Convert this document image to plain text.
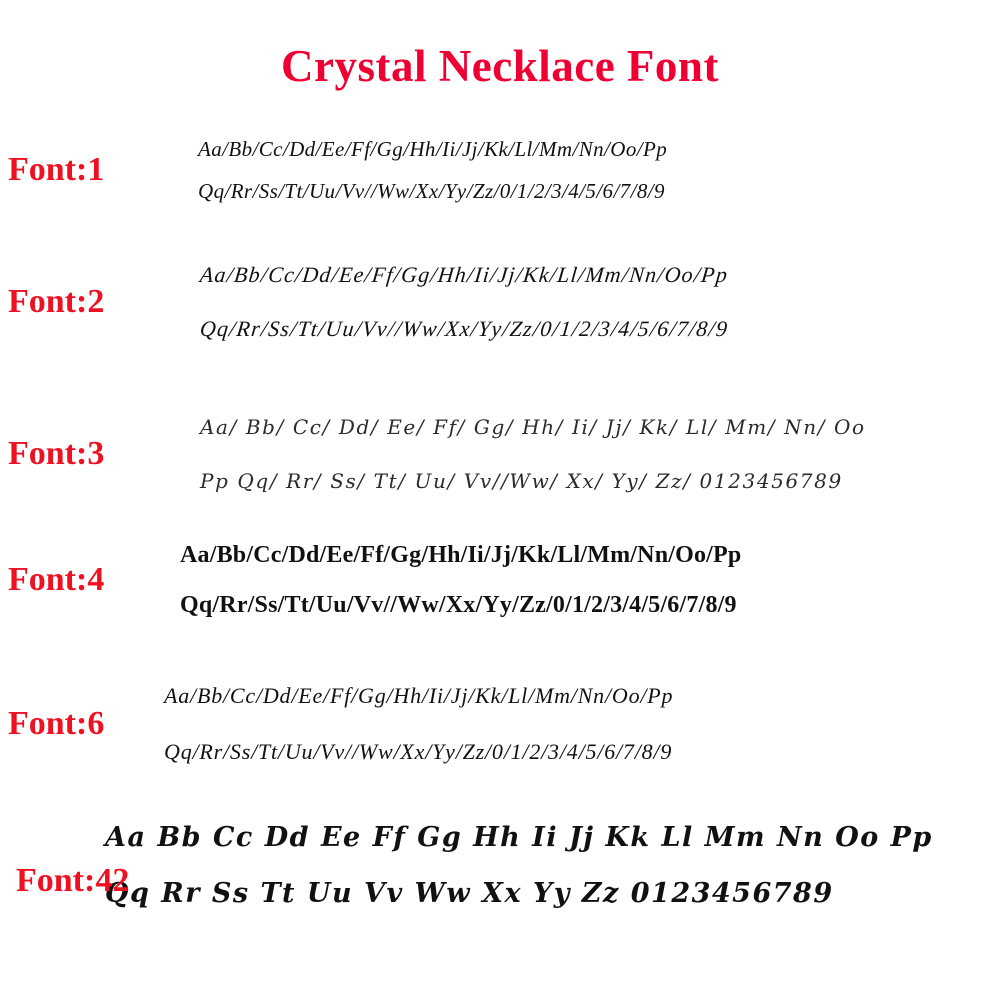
Crystal Necklace Font
Font:1
Aa/Bb/Cc/Dd/Ee/Ff/Gg/Hh/Ii/Jj/Kk/Ll/Mm/Nn/Oo/Pp
Qq/Rr/Ss/Tt/Uu/Vv//Ww/Xx/Yy/Zz/0/1/2/3/4/5/6/7/8/9
Font:2
Aa/Bb/Cc/Dd/Ee/Ff/Gg/Hh/Ii/Jj/Kk/Ll/Mm/Nn/Oo/Pp
Qq/Rr/Ss/Tt/Uu/Vv//Ww/Xx/Yy/Zz/0/1/2/3/4/5/6/7/8/9
Font:3
Aa/ Bb/ Cc/ Dd/ Ee/ Ff/ Gg/ Hh/ Ii/ Jj/ Kk/ Ll/ Mm/ Nn/ Oo
Pp Qq/ Rr/ Ss/ Tt/ Uu/ Vv//Ww/ Xx/ Yy/ Zz/ 0123456789
Font:4
Aa/Bb/Cc/Dd/Ee/Ff/Gg/Hh/Ii/Jj/Kk/Ll/Mm/Nn/Oo/Pp
Qq/Rr/Ss/Tt/Uu/Vv//Ww/Xx/Yy/Zz/0/1/2/3/4/5/6/7/8/9
Font:6
Aa/Bb/Cc/Dd/Ee/Ff/Gg/Hh/Ii/Jj/Kk/Ll/Mm/Nn/Oo/Pp
Qq/Rr/Ss/Tt/Uu/Vv//Ww/Xx/Yy/Zz/0/1/2/3/4/5/6/7/8/9
Font:42
Aa Bb Cc Dd Ee Ff Gg Hh Ii Jj Kk Ll Mm Nn Oo Pp
Qq Rr Ss Tt Uu Vv Ww Xx Yy Zz 0123456789
